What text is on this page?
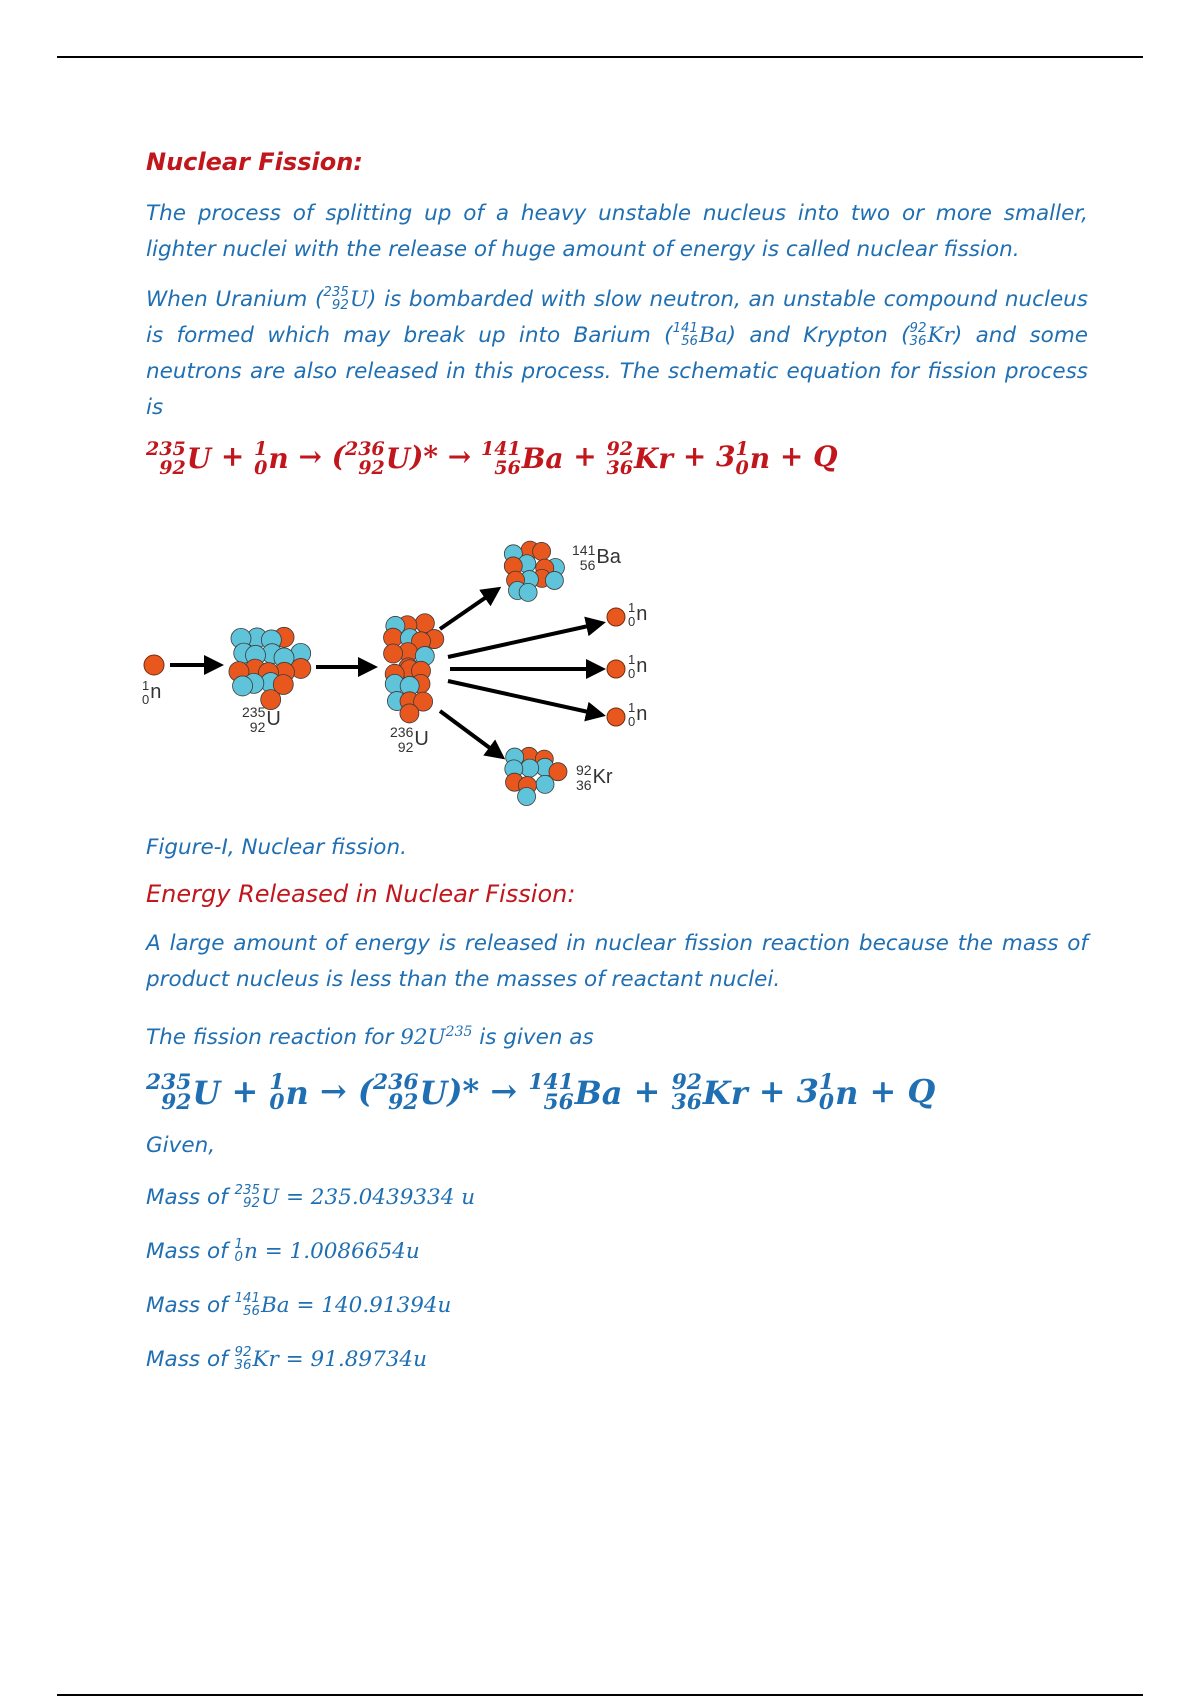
Nuclear Fission:

The process of splitting up of a heavy unstable nucleus into two or more smaller, lighter nuclei with the release of huge amount of energy is called nuclear fission.

When Uranium ( 235
92 U ) is bombarded with slow neutron, an unstable compound nucleus is formed which may break up into Barium ( 141
56 Ba ) and Krypton ( 92
36 Kr ) and some neutrons are also released in this process. The schematic equation for fission process is

235
92 U + 1
0 n → ( 236
92 U )* → 141
56 Ba + 92
36 Kr + 3 1
0 n + Q

1
0 n
235
92 U
236
92 U
141
56 Ba
92
36 Kr
1
0 n
1
0 n
1
0 n

Figure-I, Nuclear fission.

Energy Released in Nuclear Fission:

A large amount of energy is released in nuclear fission reaction because the mass of product nucleus is less than the masses of reactant nuclei.

The fission reaction for $92U^{235}$ is given as

235
92 U + 1
0 n → ( 236
92 U )* → 141
56 Ba + 92
36 Kr + 3 1
0 n + Q

Given,

Mass of 235
92 U = 235.0439334 u

Mass of 1
0 n = 1.0086654u

Mass of 141
56 Ba = 140.91394u

Mass of 92
36 Kr = 91.89734u
